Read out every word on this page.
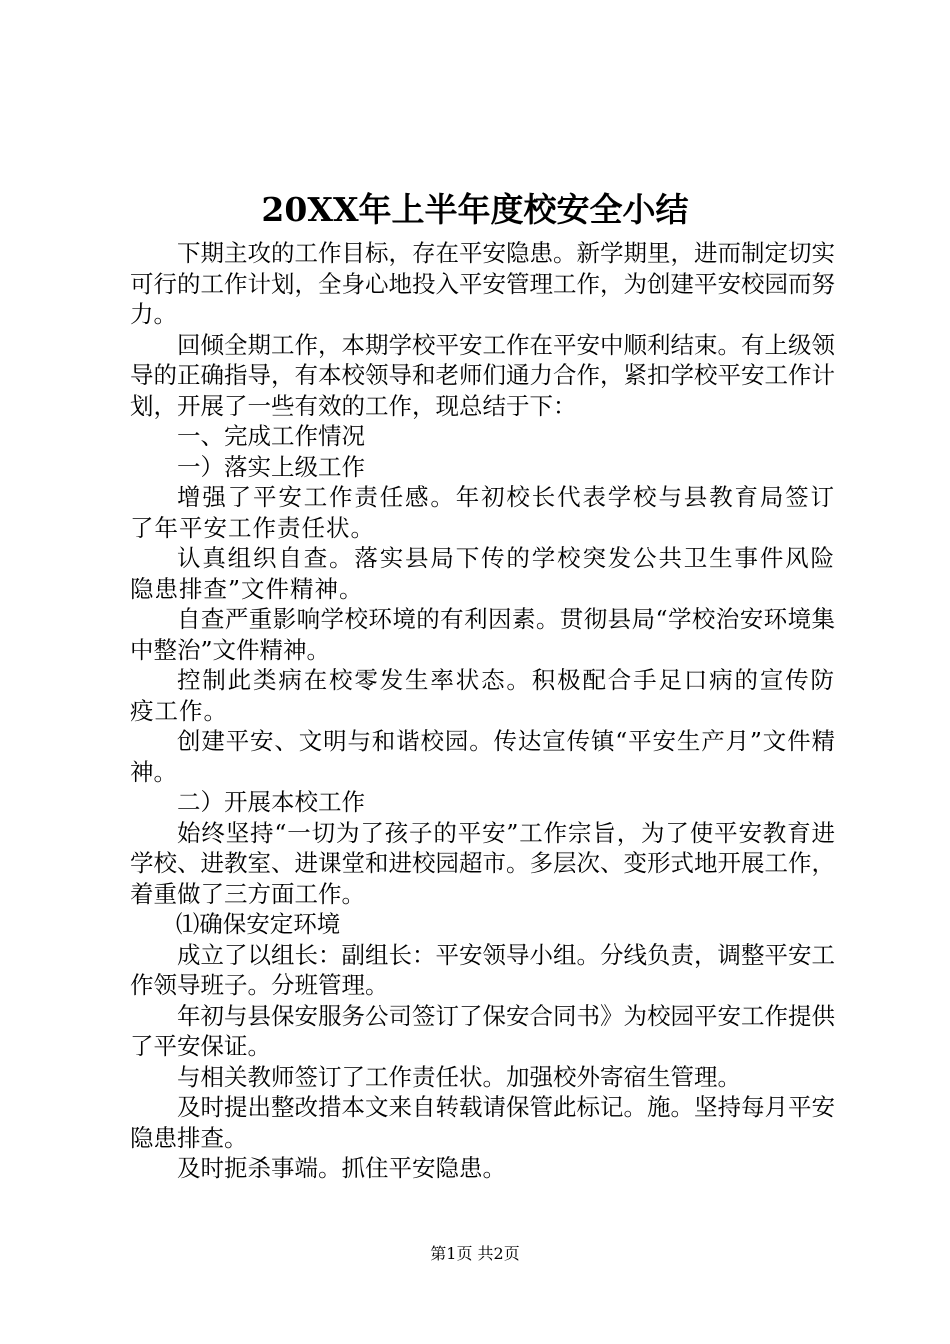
20XX年上半年度校安全小结

下期主攻的工作目标，存在平安隐患。新学期里，进而制定切实可行的工作计划，全身心地投入平安管理工作，为创建平安校园而努力。

回倾全期工作，本期学校平安工作在平安中顺利结束。有上级领导的正确指导，有本校领导和老师们通力合作，紧扣学校平安工作计划，开展了一些有效的工作，现总结于下：

一、完成工作情况

一）落实上级工作

增强了平安工作责任感。年初校长代表学校与县教育局签订了年平安工作责任状。

认真组织自查。落实县局下传的学校突发公共卫生事件风险隐患排查”文件精神。

自查严重影响学校环境的有利因素。贯彻县局“学校治安环境集中整治”文件精神。

控制此类病在校零发生率状态。积极配合手足口病的宣传防疫工作。

创建平安、文明与和谐校园。传达宣传镇“平安生产月”文件精神。

二）开展本校工作

始终坚持“一切为了孩子的平安”工作宗旨，为了使平安教育进学校、进教室、进课堂和进校园超市。多层次、变形式地开展工作，着重做了三方面工作。

⑴确保安定环境

成立了以组长：副组长：平安领导小组。分线负责，调整平安工作领导班子。分班管理。

年初与县保安服务公司签订了保安合同书》为校园平安工作提供了平安保证。

与相关教师签订了工作责任状。加强校外寄宿生管理。

及时提出整改措本文来自转载请保管此标记。施。坚持每月平安隐患排查。

及时扼杀事端。抓住平安隐患。

第1页 共2页
